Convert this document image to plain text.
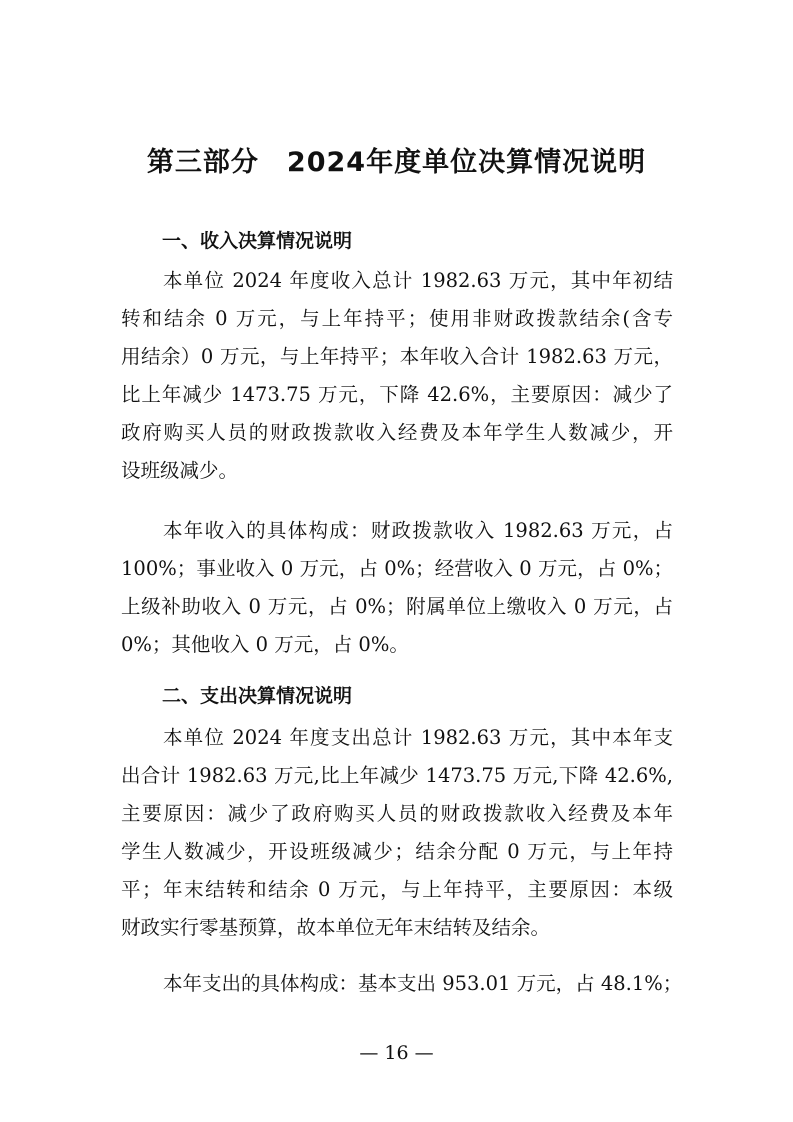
第三部分　2024年度单位决算情况说明
一、收入决算情况说明
本单位 2024 年度收入总计 1982.63 万元，其中年初结
转和结余 0 万元，与上年持平；使用非财政拨款结余(含专
用结余）0 万元，与上年持平；本年收入合计 1982.63 万元，
比上年减少 1473.75 万元，下降 42.6%，主要原因：减少了
政府购买人员的财政拨款收入经费及本年学生人数减少，开
设班级减少。
本年收入的具体构成：财政拨款收入 1982.63 万元，占
100%；事业收入 0 万元，占 0%；经营收入 0 万元，占 0%；
上级补助收入 0 万元，占 0%；附属单位上缴收入 0 万元，占
0%；其他收入 0 万元，占 0%。
二、支出决算情况说明
本单位 2024 年度支出总计 1982.63 万元，其中本年支
出合计 1982.63 万元,比上年减少 1473.75 万元,下降 42.6%,
主要原因：减少了政府购买人员的财政拨款收入经费及本年
学生人数减少，开设班级减少；结余分配 0 万元，与上年持
平；年末结转和结余 0 万元，与上年持平，主要原因：本级
财政实行零基预算，故本单位无年末结转及结余。
本年支出的具体构成：基本支出 953.01 万元，占 48.1%；
— 16 —
